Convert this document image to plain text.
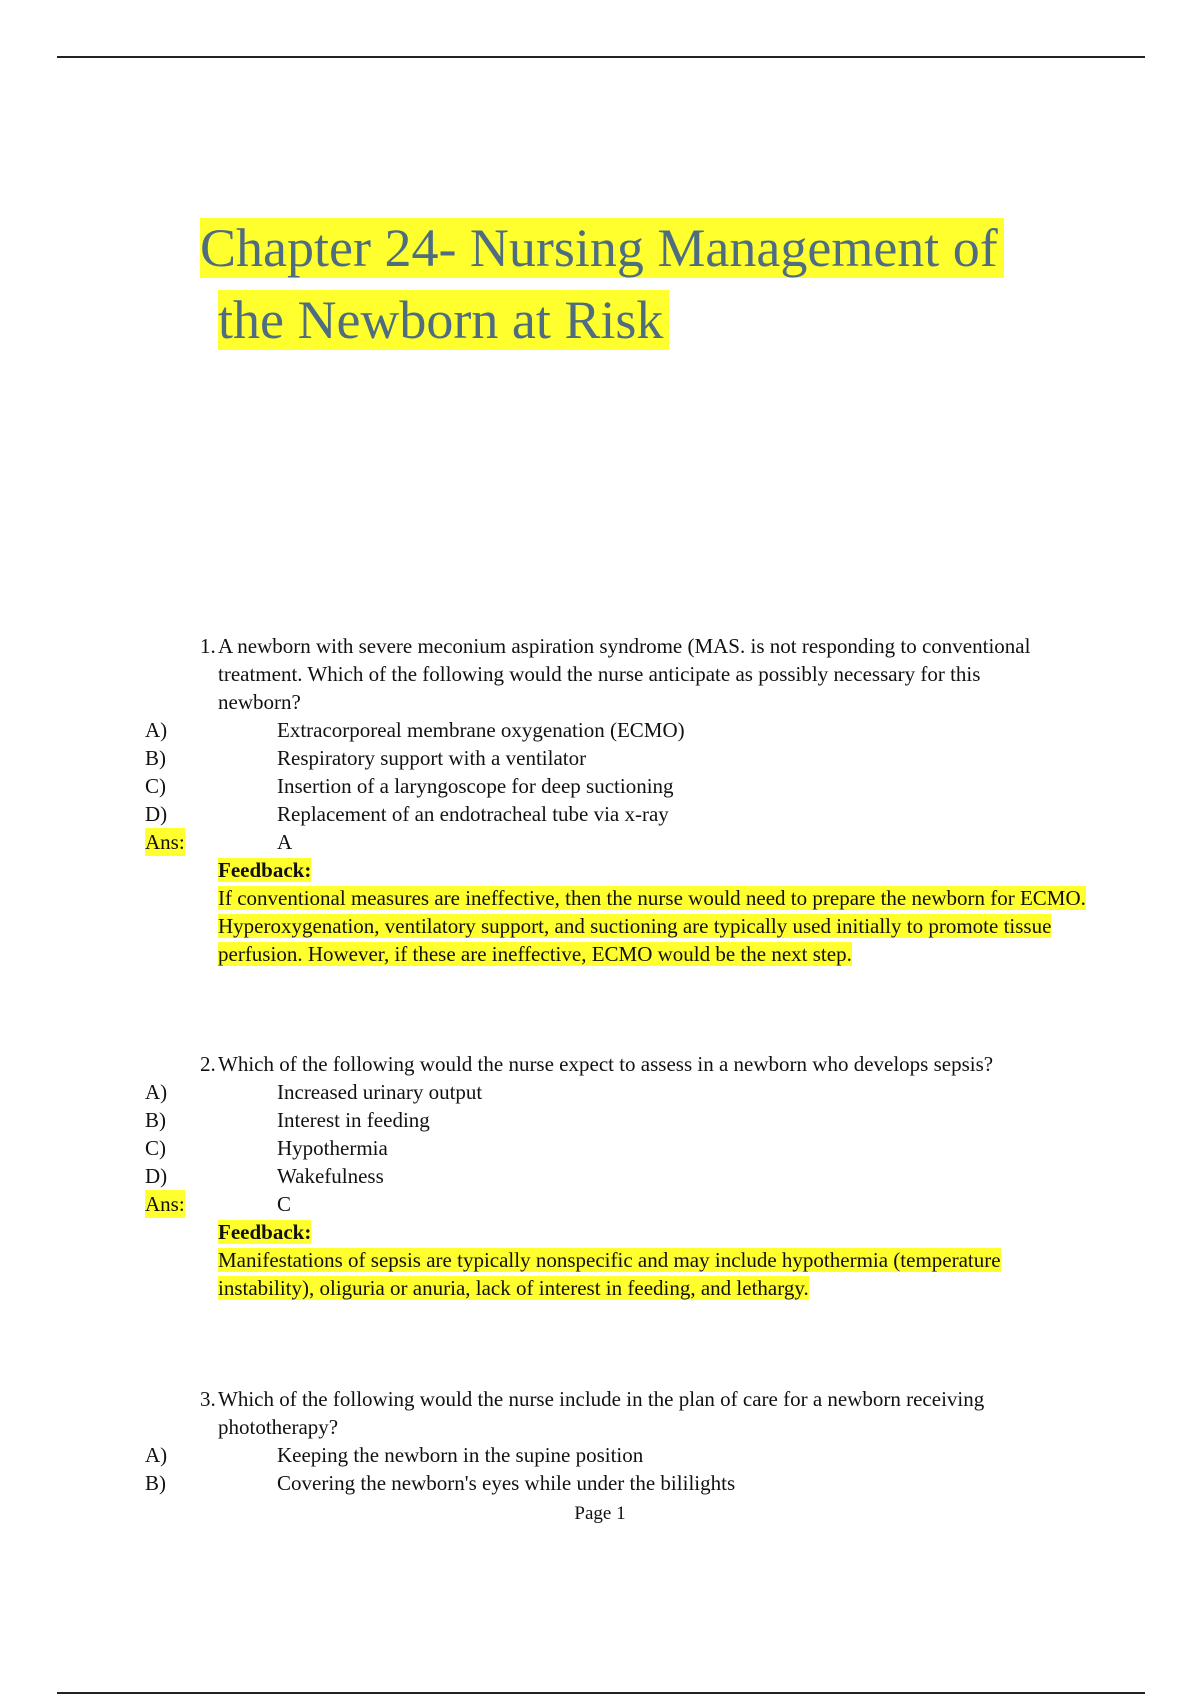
Chapter 24- Nursing Management of
the Newborn at Risk
1. A newborn with severe meconium aspiration syndrome (MAS. is not responding to conventional treatment. Which of the following would the nurse anticipate as possibly necessary for this newborn?
A)	Extracorporeal membrane oxygenation (ECMO)
B)	Respiratory support with a ventilator
C)	Insertion of a laryngoscope for deep suctioning
D)	Replacement of an endotracheal tube via x-ray
Ans:	A
Feedback:
If conventional measures are ineffective, then the nurse would need to prepare the newborn for ECMO. Hyperoxygenation, ventilatory support, and suctioning are typically used initially to promote tissue perfusion. However, if these are ineffective, ECMO would be the next step.
2. Which of the following would the nurse expect to assess in a newborn who develops sepsis?
A)	Increased urinary output
B)	Interest in feeding
C)	Hypothermia
D)	Wakefulness
Ans:	C
Feedback:
Manifestations of sepsis are typically nonspecific and may include hypothermia (temperature instability), oliguria or anuria, lack of interest in feeding, and lethargy.
3. Which of the following would the nurse include in the plan of care for a newborn receiving phototherapy?
A)	Keeping the newborn in the supine position
B)	Covering the newborn's eyes while under the bililights
Page 1
